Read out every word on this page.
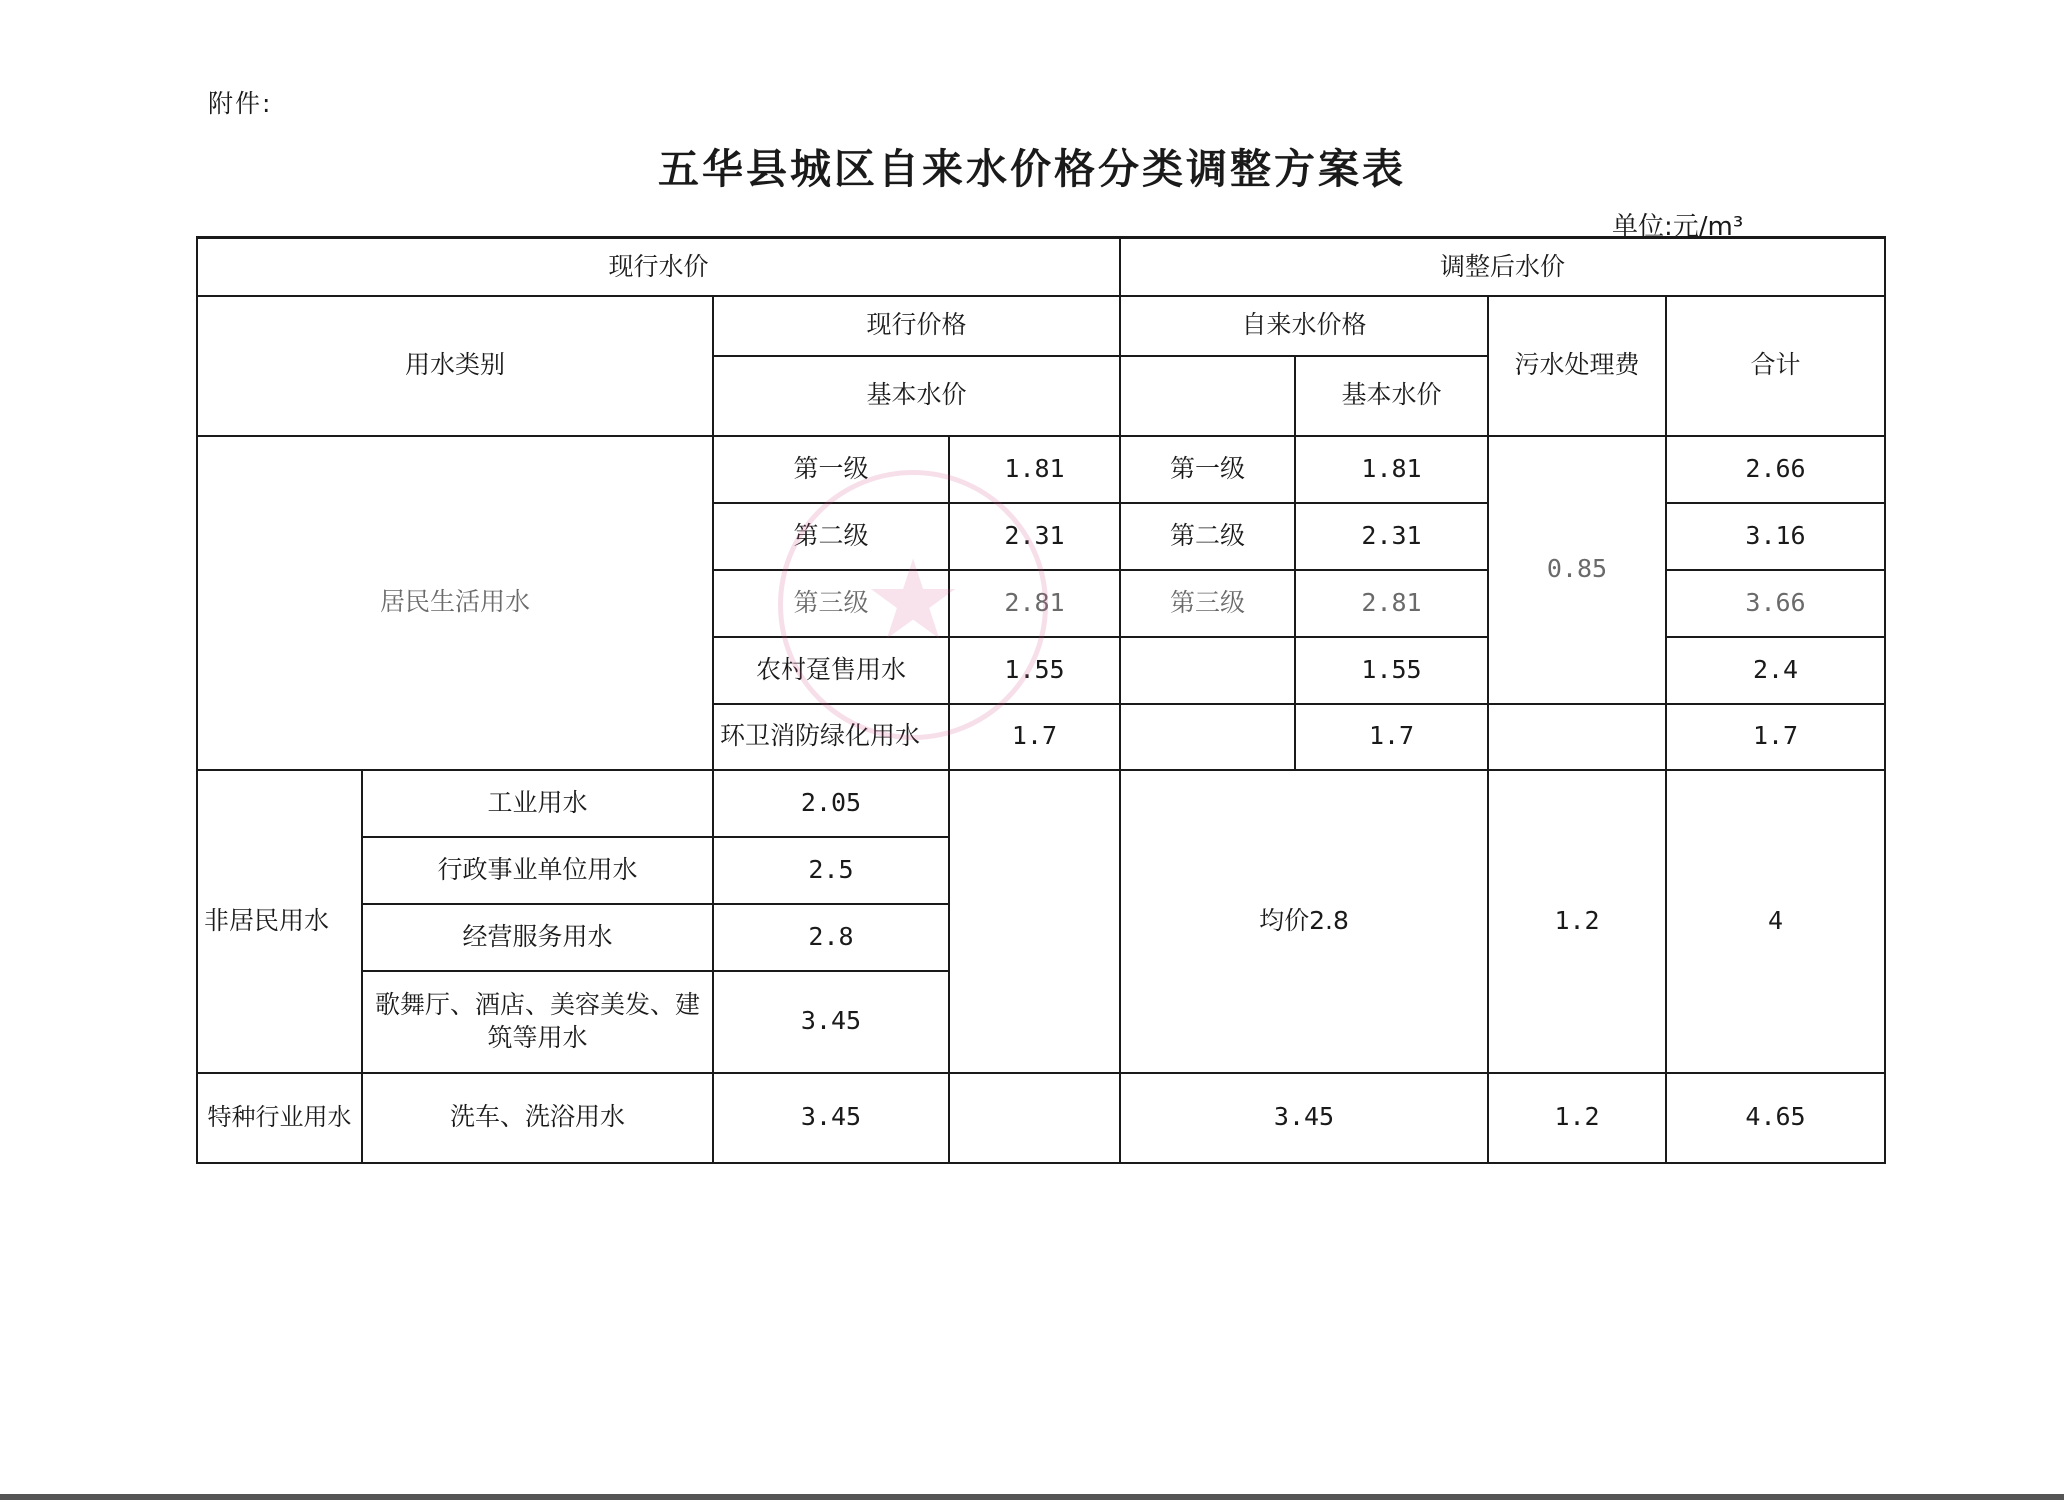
附件:
五华县城区自来水价格分类调整方案表
单位:元/m³
现行水价				调整后水价			
用水类别		现行价格		自来水价格		污水处理费	合计
		基本水价			基本水价		
居民生活用水		第一级	1.81	第一级	1.81	0.85	2.66
		第二级	2.31	第二级	2.31		3.16
		第三级	2.81	第三级	2.81		3.66
		农村趸售用水	1.55		1.55		2.4
		环卫消防绿化用水	1.7		1.7		1.7
非居民用水	工业用水	2.05		均价2.8		1.2	4
	行政事业单位用水	2.5					
	经营服务用水	2.8					
	歌舞厅、酒店、美容美发、建筑等用水	3.45					
特种行业用水	洗车、洗浴用水	3.45		3.45		1.2	4.65
★
